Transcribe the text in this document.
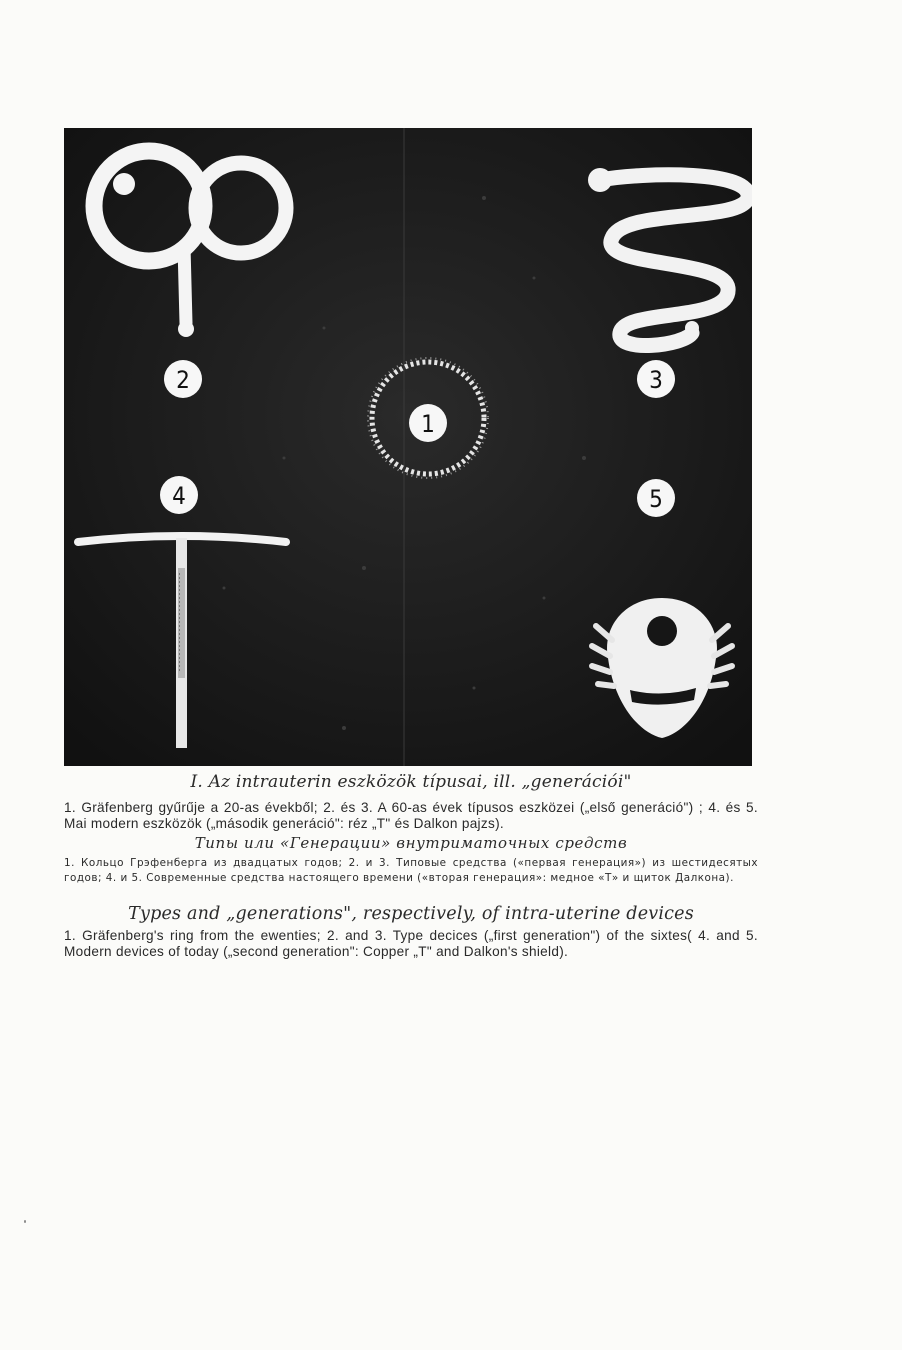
1
2	3
4	5

I. Az intrauterin eszközök típusai, ill. „generációi"

1. Gräfenberg gyűrűje a 20-as évekből; 2. és 3. A 60-as évek típusos eszközei („első generáció") ; 4. és 5. Mai modern eszközök („második generáció": réz „T" és Dalkon pajzs).

Типы или «Генерации» внутриматочных средств

1. Кольцо Грэфенберга из двадцатых годов; 2. и 3. Типовые средства («первая генерация») из шестидесятых годов; 4. и 5. Современные средства настоящего времени («вторая генерация»: медное «Т» и щиток Далкона).

Types and „generations", respectively, of intra-uterine devices

1. Gräfenberg's ring from the ewenties; 2. and 3. Type decices („first generation") of the sixtes( 4. and 5. Modern devices of today („second generation": Copper „T" and Dalkon's shield).
